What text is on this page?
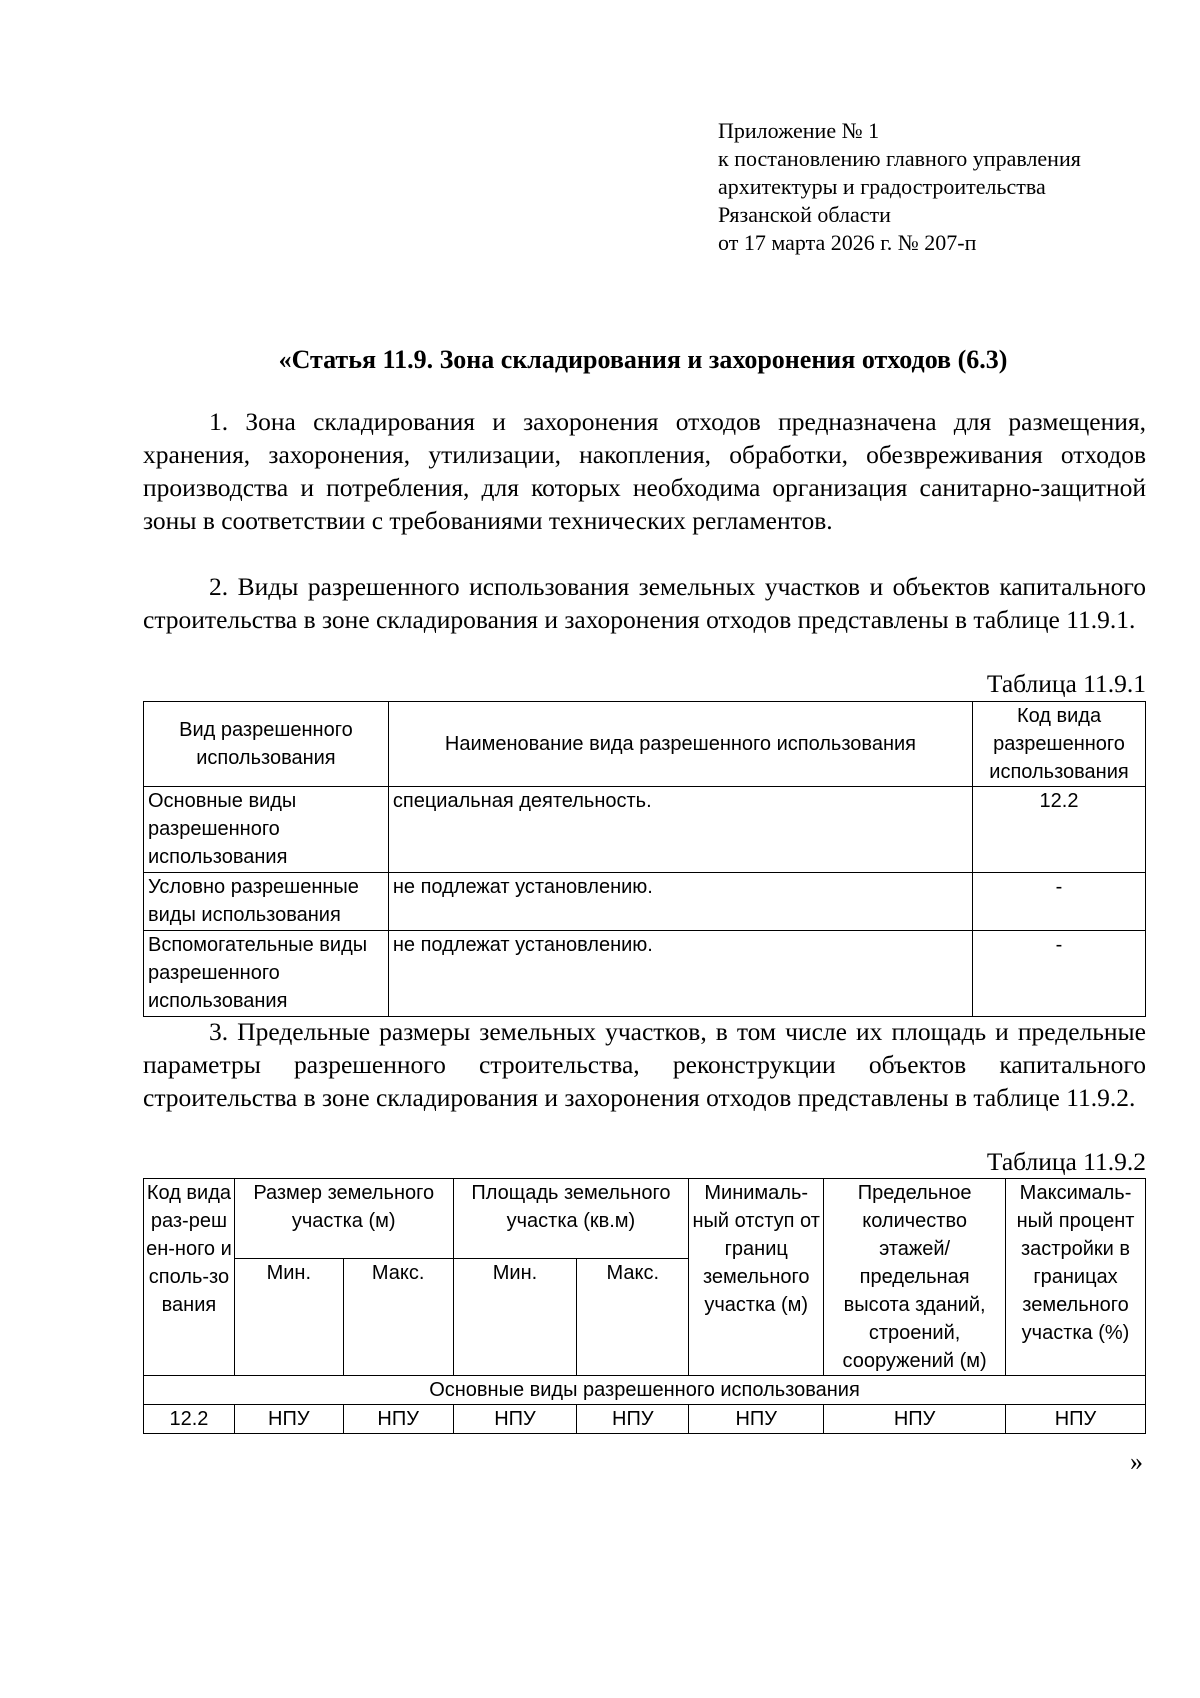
Приложение № 1
к постановлению главного управления
архитектуры и градостроительства
Рязанской области
от 17 марта 2026 г. № 207-п
«Статья 11.9. Зона складирования и захоронения отходов (6.3)

1. Зона складирования и захоронения отходов предназначена для размещения, хранения, захоронения, утилизации, накопления, обработки, обезвреживания отходов производства и потребления, для которых необходима организация санитарно-защитной зоны в соответствии с требованиями технических регламентов.

2. Виды разрешенного использования земельных участков и объектов капитального строительства в зоне складирования и захоронения отходов представлены в таблице 11.9.1.

Таблица 11.9.1
Вид разрешенного использования	Наименование вида разрешенного использования	Код вида разрешенного использования
Основные виды разрешенного использования	специальная деятельность.	12.2
Условно разрешенные виды использования	не подлежат установлению.	-
Вспомогательные виды разрешенного использования	не подлежат установлению.	-

3. Предельные размеры земельных участков, в том числе их площадь и предельные параметры разрешенного строительства, реконструкции объектов капитального строительства в зоне складирования и захоронения отходов представлены в таблице 11.9.2.

Таблица 11.9.2
Код вида раз-решен-ного исполь-зования	Размер земельного участка (м)		Площадь земельного участка (кв.м)		Минималь-ный отступ от границ земельного участка (м)	Предельное количество этажей/ предельная высота зданий, строений, сооружений (м)	Максималь-ный процент застройки в границах земельного участка (%)
	Мин.	Макс.	Мин.	Макс.			
Основные виды разрешенного использования							
12.2	НПУ	НПУ	НПУ	НПУ	НПУ	НПУ	НПУ
»
